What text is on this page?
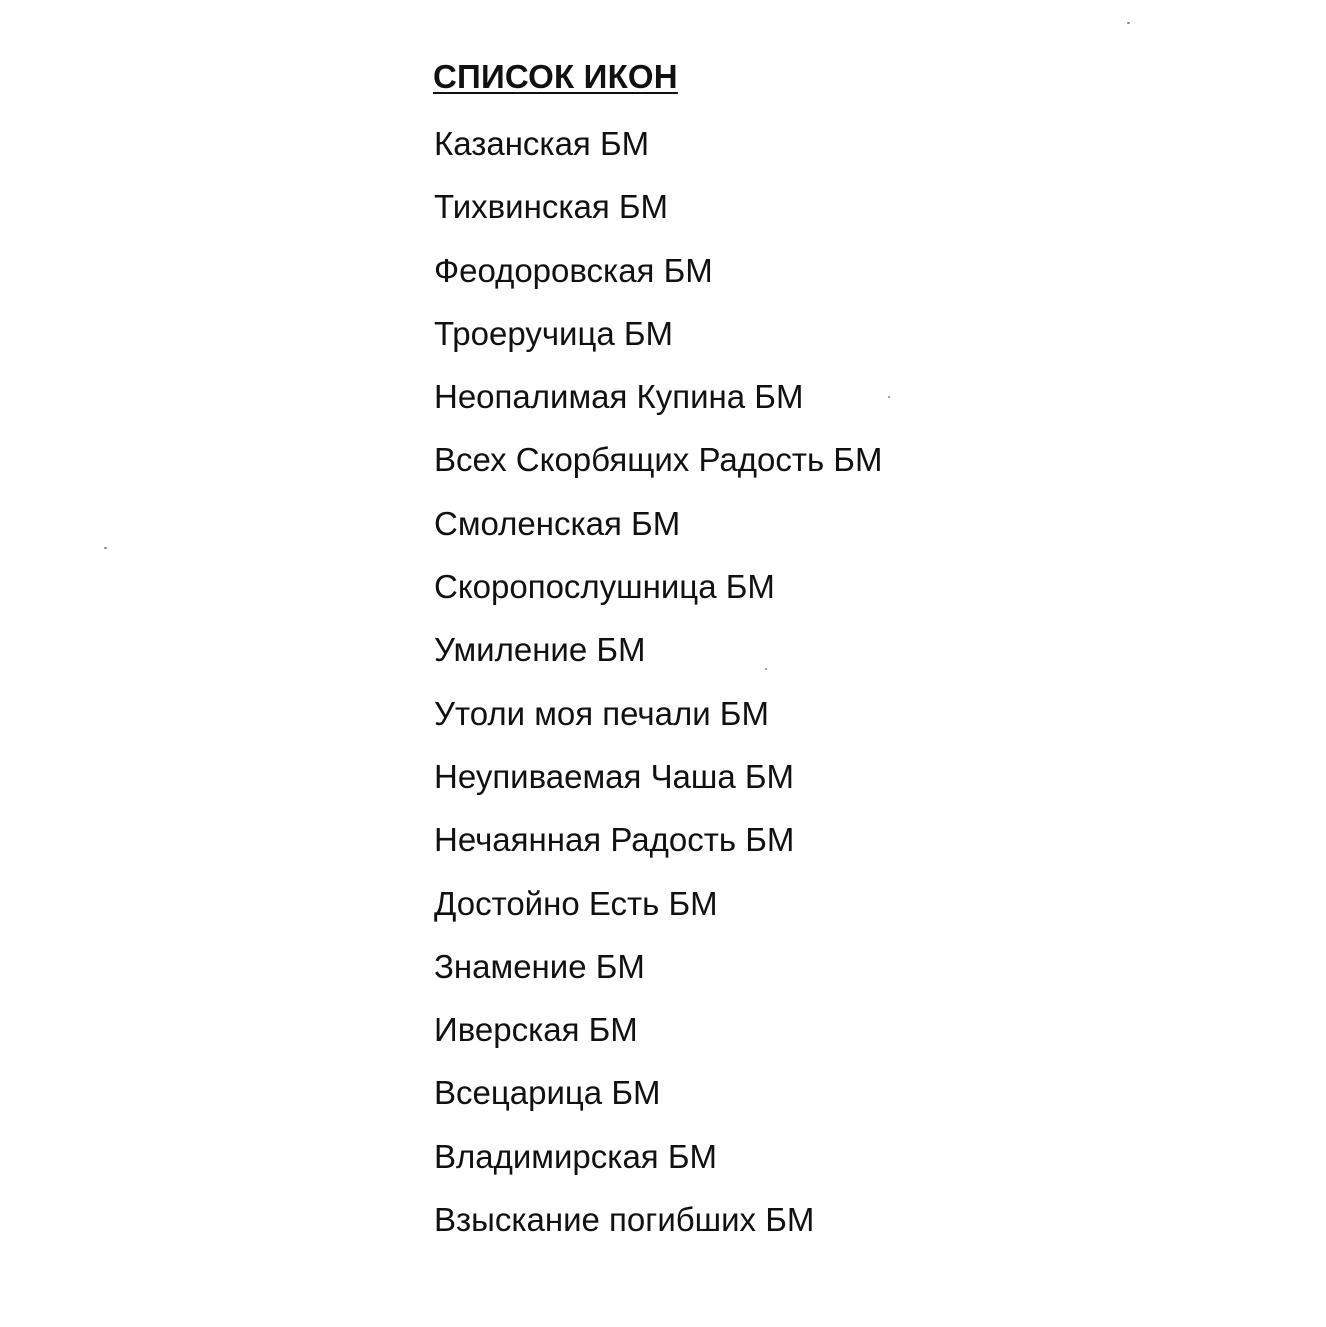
СПИСОК ИКОН
Казанская БМ
Тихвинская БМ
Феодоровская БМ
Троеручица БМ
Неопалимая Купина БМ
Всех Скорбящих Радость БМ
Смоленская БМ
Скоропослушница БМ
Умиление БМ
Утоли моя печали БМ
Неупиваемая Чаша БМ
Нечаянная Радость БМ
Достойно Есть БМ
Знамение БМ
Иверская БМ
Всецарица БМ
Владимирская БМ
Взыскание погибших БМ
